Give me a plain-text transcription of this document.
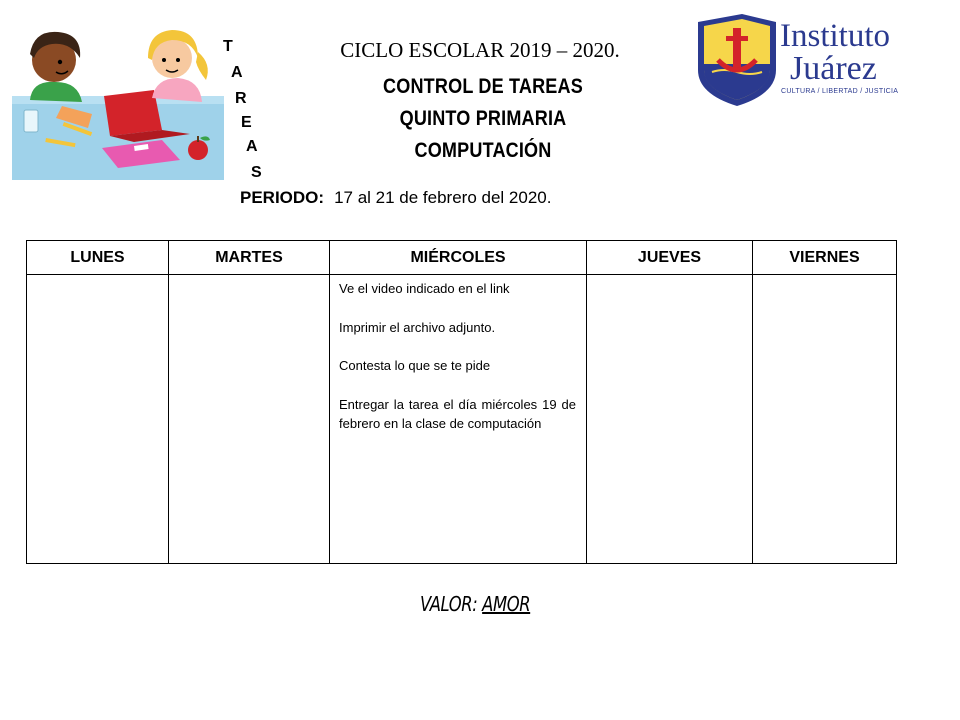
T
A
R
E
A
S
CICLO ESCOLAR 2019 – 2020.
CONTROL DE TAREAS
QUINTO PRIMARIA
COMPUTACIÓN
PERIODO: 17 al 21 de febrero del 2020.
Instituto
Juárez
CULTURA / LIBERTAD / JUSTICIA
LUNES	MARTES	MIÉRCOLES	JUEVES	VIERNES

		Ve el video indicado en el link

Imprimir el archivo adjunto.

Contesta lo que se te pide

Entregar la tarea el día miércoles 19 de febrero en la clase de computación		

VALOR: AMOR
